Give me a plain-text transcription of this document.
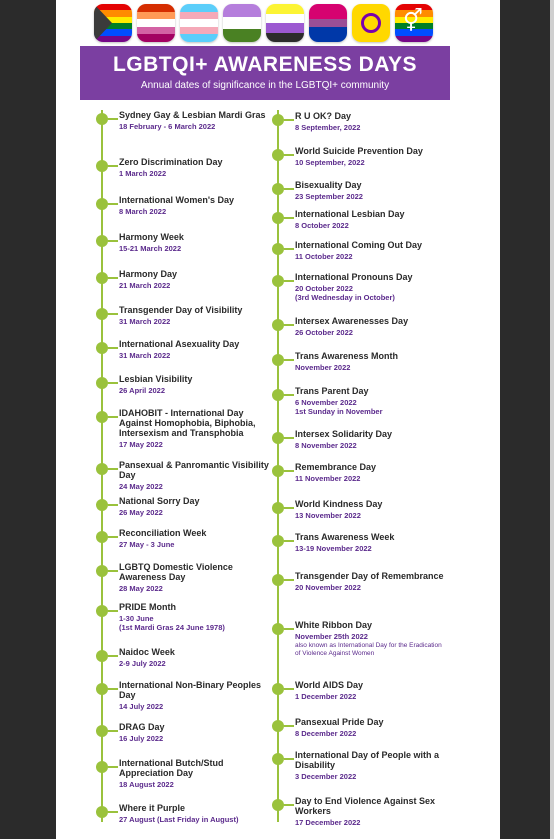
⚥
LGBTQI+ AWARENESS DAYS

Annual dates of significance in the LGBTQI+ community

Sydney Gay & Lesbian Mardi Gras
18 February - 6 March 2022
Zero Discrimination Day
1 March 2022
International Women's Day
8 March 2022
Harmony Week
15-21 March 2022
Harmony Day
21 March 2022
Transgender Day of Visibility
31 March 2022
International Asexuality Day
31 March 2022
Lesbian Visibility
26 April 2022
IDAHOBIT - International Day Against Homophobia, Biphobia, Intersexism and Transphobia
17 May 2022
Pansexual & Panromantic Visibility Day
24 May 2022
National Sorry Day
26 May 2022
Reconciliation Week
27 May - 3 June
LGBTQ Domestic Violence Awareness Day
28 May 2022
PRIDE Month
1-30 June
(1st Mardi Gras 24 June 1978)
Naidoc Week
2-9 July 2022
International Non-Binary Peoples Day
14 July 2022
DRAG Day
16 July 2022
International Butch/Stud Appreciation Day
18 August 2022
Where it Purple
27 August (Last Friday in August)
R U OK? Day
8 September, 2022
World Suicide Prevention Day
10 September, 2022
Bisexuality Day
23 September 2022
International Lesbian Day
8 October 2022
International Coming Out Day
11 October 2022
International Pronouns Day
20 October 2022
(3rd Wednesday in October)
Intersex Awarenesses Day
26 October 2022
Trans Awareness Month
November 2022
Trans Parent Day
6 November 2022
1st Sunday in November
Intersex Solidarity Day
8 November 2022
Remembrance Day
11 November 2022
World Kindness Day
13 November 2022
Trans Awareness Week
13-19 November 2022
Transgender Day of Remembrance
20 November 2022
White Ribbon Day
November 25th 2022
also known as International Day for the Eradication of Violence Against Women
World AIDS Day
1 December 2022
Pansexual Pride Day
8 December 2022
International Day of People with a Disability
3 December 2022
Day to End Violence Against Sex Workers
17 December 2022
